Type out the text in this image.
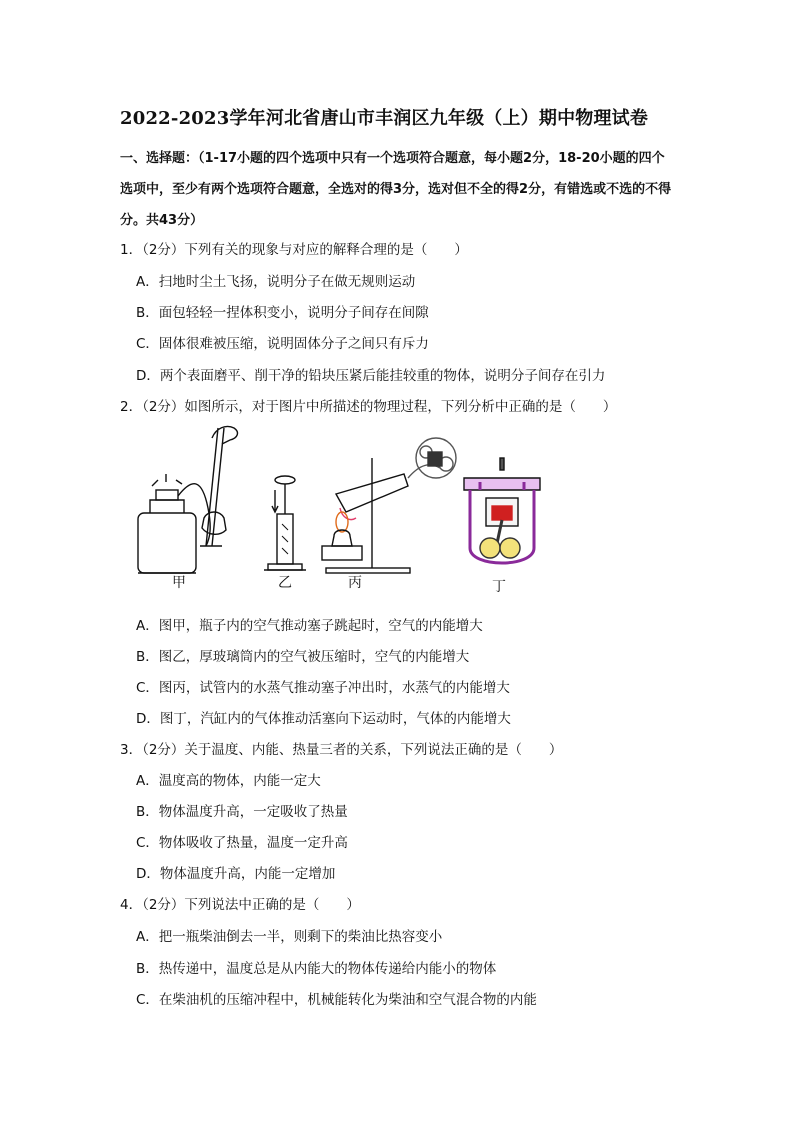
2022-2023学年河北省唐山市丰润区九年级（上）期中物理试卷
一、选择题：（1-17小题的四个选项中只有一个选项符合题意，每小题2分，18-20小题的四个选项中，至少有两个选项符合题意，全选对的得3分，选对但不全的得2分，有错选或不选的不得分。共43分）
1．（2分）下列有关的现象与对应的解释合理的是（　　）
A．扫地时尘土飞扬，说明分子在做无规则运动
B．面包轻轻一捏体积变小，说明分子间存在间隙
C．固体很难被压缩，说明固体分子之间只有斥力
D．两个表面磨平、削干净的铅块压紧后能挂较重的物体，说明分子间存在引力
2．（2分）如图所示，对于图片中所描述的物理过程，下列分析中正确的是（　　）
甲	乙	丙	丁
A．图甲，瓶子内的空气推动塞子跳起时，空气的内能增大
B．图乙，厚玻璃筒内的空气被压缩时，空气的内能增大
C．图丙，试管内的水蒸气推动塞子冲出时，水蒸气的内能增大
D．图丁，汽缸内的气体推动活塞向下运动时，气体的内能增大
3．（2分）关于温度、内能、热量三者的关系，下列说法正确的是（　　）
A．温度高的物体，内能一定大
B．物体温度升高，一定吸收了热量
C．物体吸收了热量，温度一定升高
D．物体温度升高，内能一定增加
4．（2分）下列说法中正确的是（　　）
A．把一瓶柴油倒去一半，则剩下的柴油比热容变小
B．热传递中，温度总是从内能大的物体传递给内能小的物体
C．在柴油机的压缩冲程中，机械能转化为柴油和空气混合物的内能
